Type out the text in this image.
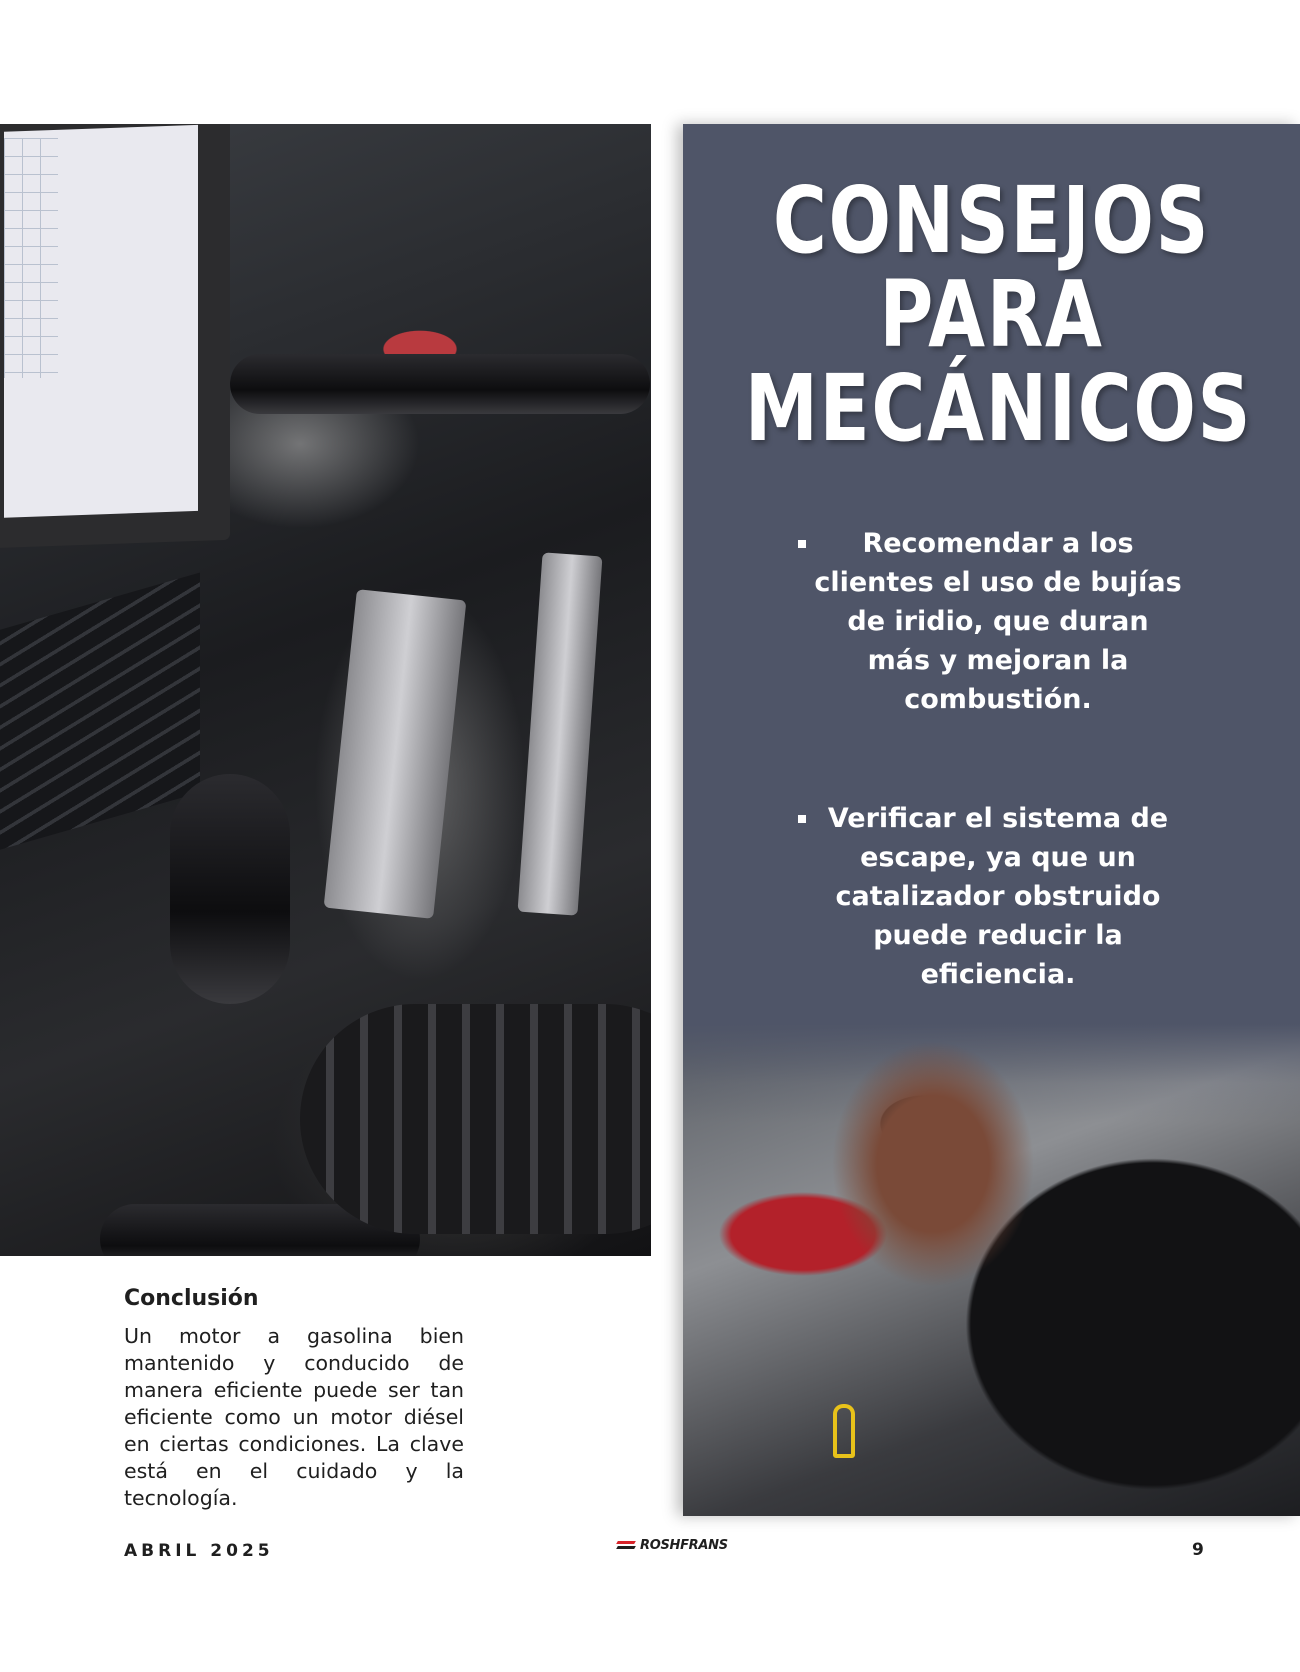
CONSEJOS
PARA
MECÁNICOS
Recomendar a los clientes el uso de bujías de iridio, que duran más y mejoran la combustión.
Verificar el sistema de escape, ya que un catalizador obstruido puede reducir la eficiencia.
Conclusión

Un motor a gasolina bien mantenido y conducido de manera eficiente puede ser tan eficiente como un motor diésel en ciertas condiciones. La clave está en el cuidado y la tecnología.

ABRIL 2025	ROSHFRANS	9
